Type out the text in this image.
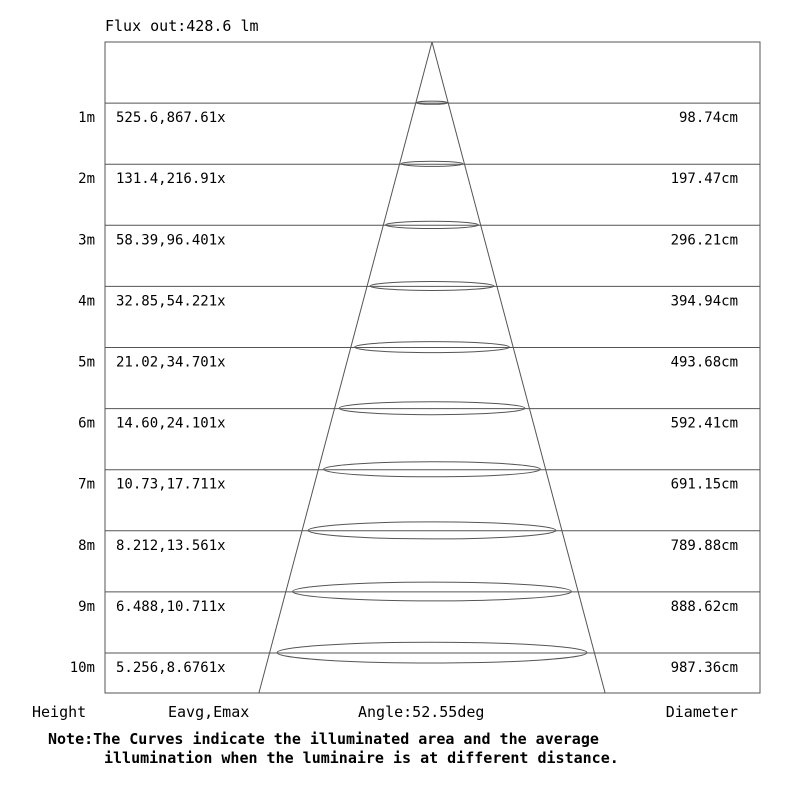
Flux out:428.6 lm
1m 525.6,867.61x	98.74cm
2m 131.4,216.91x	197.47cm
3m 58.39,96.401x	296.21cm
4m 32.85,54.221x	394.94cm
5m 21.02,34.701x	493.68cm
6m 14.60,24.101x	592.41cm
7m 10.73,17.711x	691.15cm
8m 8.212,13.561x	789.88cm
9m 6.488,10.711x	888.62cm
10m 5.256,8.6761x	987.36cm
Height	Eavg,Emax	Angle:52.55deg	Diameter
Note:The Curves indicate the illuminated area and the average

illumination when the luminaire is at different distance.
